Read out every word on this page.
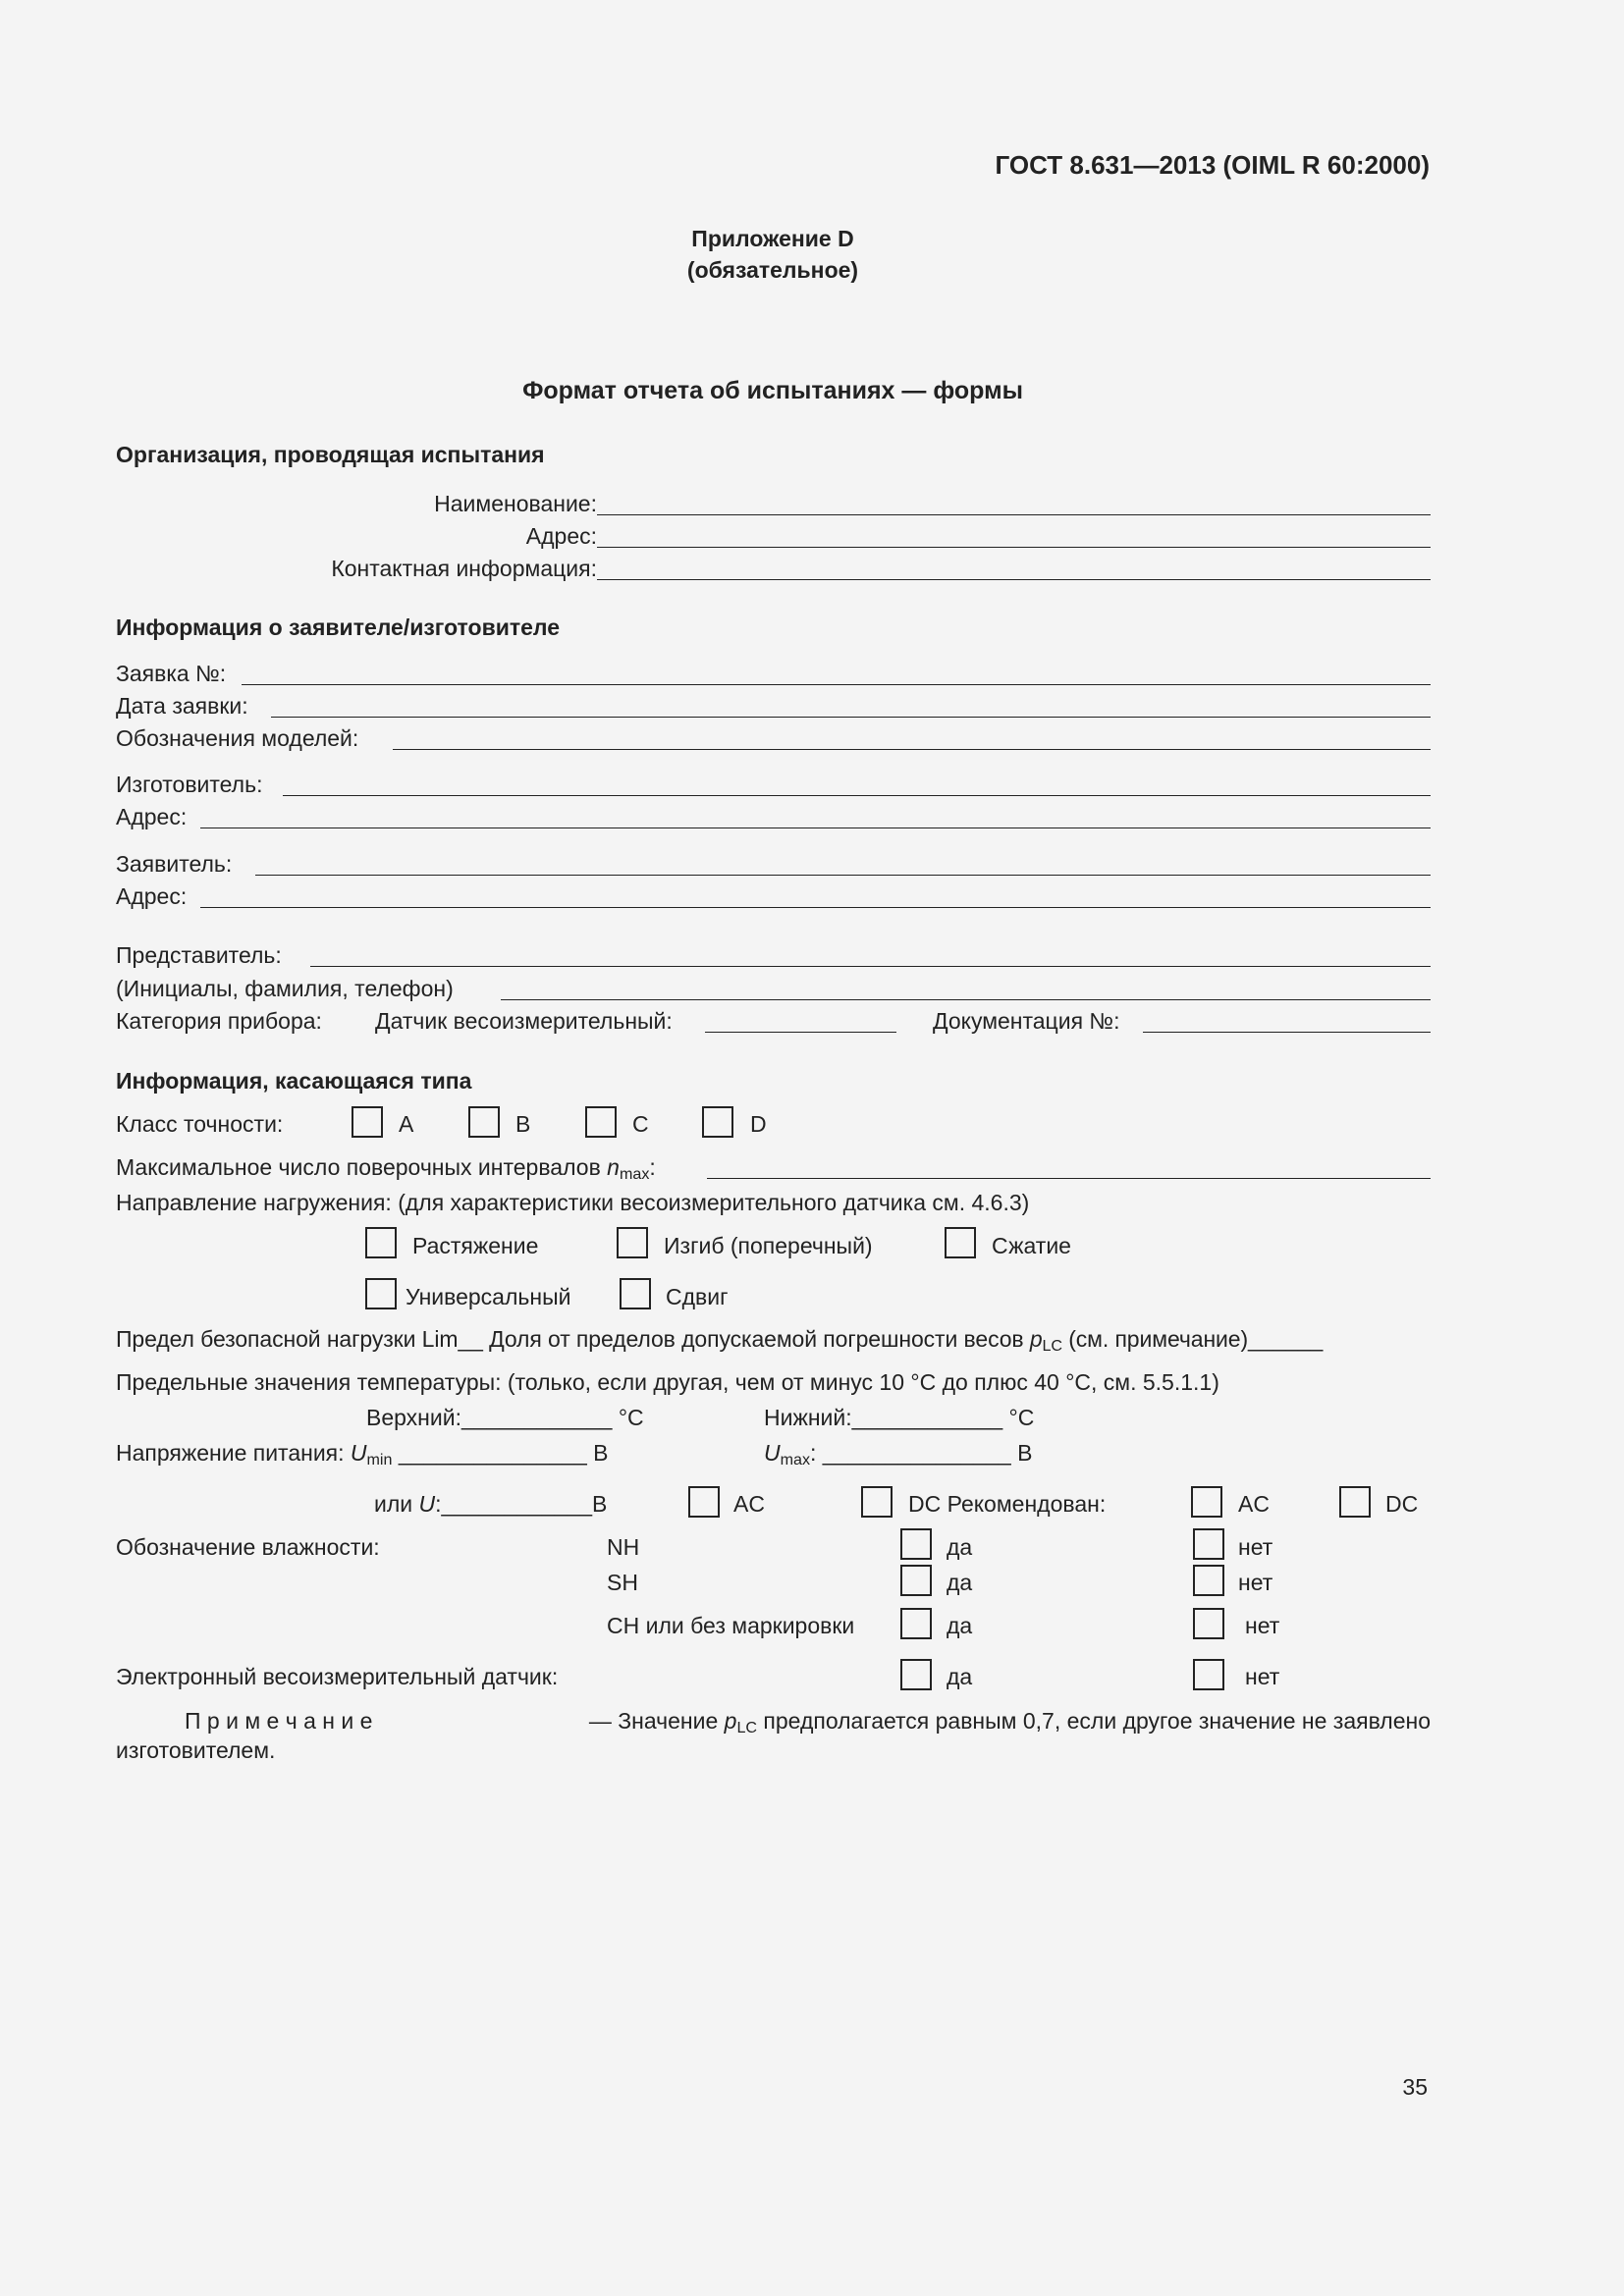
ГОСТ 8.631—2013 (OIML R 60:2000)
Приложение D
(обязательное)
Формат отчета об испытаниях — формы
Организация, проводящая испытания
Наименование:
Адрес:
Контактная информация:
Информация о заявителе/изготовителе
Заявка №:
Дата заявки:
Обозначения моделей:
Изготовитель:
Адрес:
Заявитель:
Адрес:
Представитель:
(Инициалы, фамилия, телефон)
Категория прибора: Датчик весоизмерительный:	Документация №:
Информация, касающаяся типа
Класс точности:	A	B	C	D
Максимальное число поверочных интервалов $n_{max}$:
Направление нагружения: (для характеристики весоизмерительного датчика см. 4.6.3)
Растяжение	Изгиб (поперечный)	Сжатие
Универсальный	Сдвиг
Предел безопасной нагрузки Lim__ Доля от пределов допускаемой погрешности весов $p_{LC}$ (см. примечание)______
Предельные значения температуры: (только, если другая, чем от минус 10 °C до плюс 40 °C, см. 5.5.1.1)
Верхний:____________ °C	Нижний:____________ °C
Напряжение питания: $U_{min}$ _______________ В	$U_{max}$: _______________ В
или U:____________В	AC	DC Рекомендован:	AC	DC
Обозначение влажности:	NH	да	нет
SH	да	нет
CH или без маркировки	да	нет
Электронный весоизмерительный датчик:	да	нет
П р и м е ч а н и е	— Значение $p_{LC}$ предполагается равным 0,7, если другое значение не заявлено
изготовителем.
35
